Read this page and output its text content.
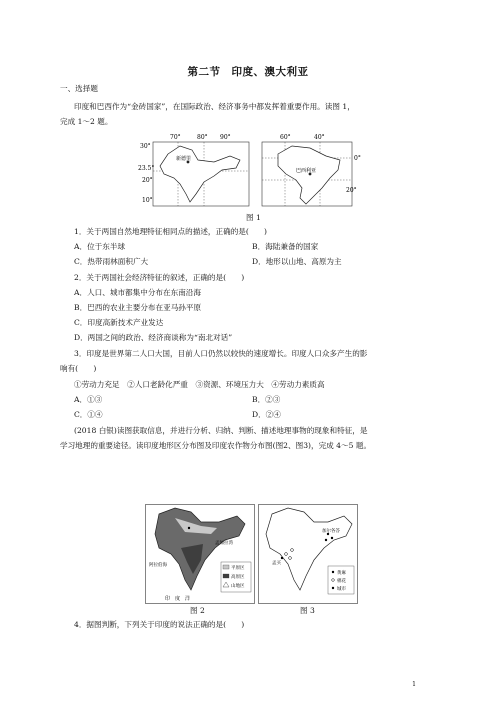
第二节　印度、澳大利亚
一、选择题
印度和巴西作为“金砖国家”，在国际政治、经济事务中都发挥着重要作用。读图 1，
完成 1～2 题。
70°	80° 90°
30°
23.5°
20°
10°
新德里
60°	40°
0°
20°
巴西利亚
图 1
1．关于两国自然地理特征相同点的描述，正确的是(　　)
A．位于东半球	B．海陆兼备的国家
C．热带雨林面积广大	D．地形以山地、高原为主
2．关于两国社会经济特征的叙述，正确的是(　　)
A．人口、城市都集中分布在东南沿海
B．巴西的农业主要分布在亚马孙平原
C．印度高新技术产业发达
D．两国之间的政治、经济商谈称为“南北对话”
3．印度是世界第二人口大国，目前人口仍然以较快的速度增长。印度人口众多产生的影
响有(　　)
①劳动力充足　②人口老龄化严重　③资源、环境压力大　④劳动力素质高
A．①③	B．②③
C．①④	D．②④
(2018 白银)读图获取信息，并进行分析、归纳、判断、描述地理事物的现象和特征，是
学习地理的重要途径。读印度地形区分布图及印度农作物分布图(图2、图3)，完成 4～5 题。
平原区
高原区
山地区
孟加拉湾
阿拉伯海
印　度　洋
图 2
加尔各答
孟买
黄麻
棉花
城市
图 3
4．据图判断，下列关于印度的说法正确的是(　　)
1
